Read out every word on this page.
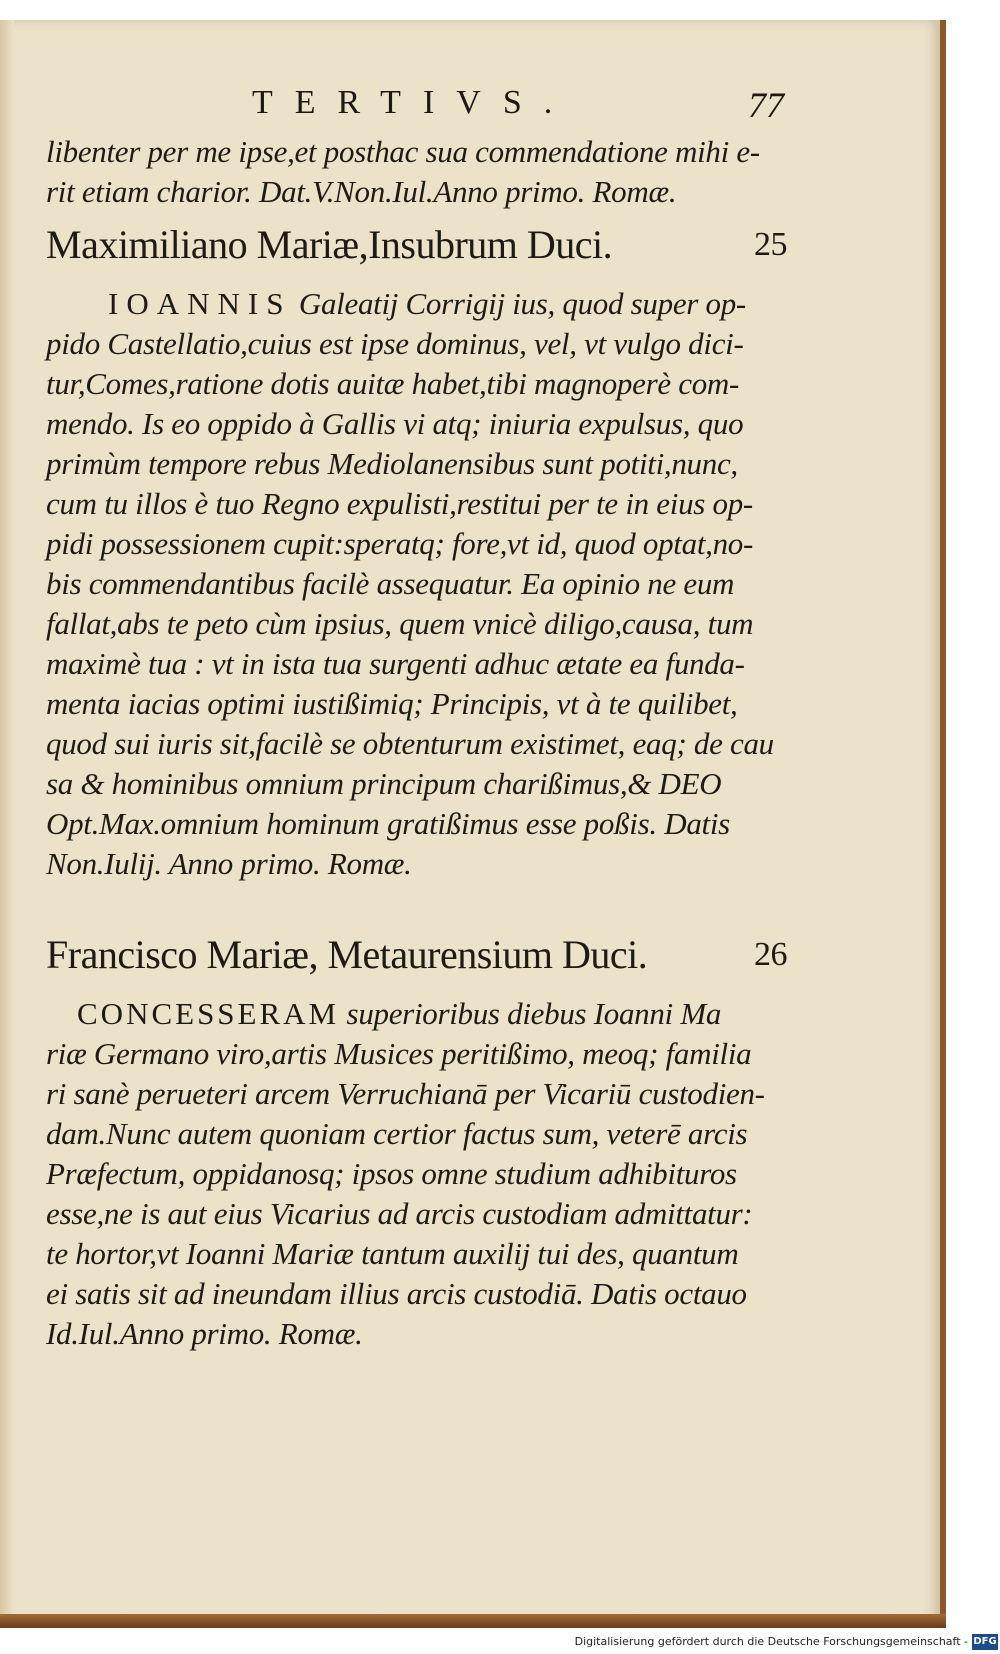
TERTIVS.	77
libenter per me ipse,et posthac sua commendatione mihi e-
rit etiam charior. Dat.V.Non.Iul.Anno primo. Romæ.
Maximiliano Mariæ,Insubrum Duci.	25
IOANNIS Galeatij Corrigij ius, quod super op-
pido Castellatio,cuius est ipse dominus, vel, vt vulgo dici-
tur,Comes,ratione dotis auitæ habet,tibi magnoperè com-
mendo. Is eo oppido à Gallis vi atq; iniuria expulsus, quo
primùm tempore rebus Mediolanensibus sunt potiti,nunc,
cum tu illos è tuo Regno expulisti,restitui per te in eius op-
pidi possessionem cupit:speratq; fore,vt id, quod optat,no-
bis commendantibus facilè assequatur. Ea opinio ne eum
fallat,abs te peto cùm ipsius, quem vnicè diligo,causa, tum
maximè tua : vt in ista tua surgenti adhuc ætate ea funda-
menta iacias optimi iustißimiq; Principis, vt à te quilibet,
quod sui iuris sit,facilè se obtenturum existimet, eaq; de cau
sa & hominibus omnium principum charißimus,& DEO
Opt.Max.omnium hominum gratißimus esse poßis. Datis
Non.Iulij. Anno primo. Romæ.
Francisco Mariæ, Metaurensium Duci.	26
CONCESSERAM superioribus diebus Ioanni Ma
riæ Germano viro,artis Musices peritißimo, meoq; familia
ri sanè perueteri arcem Verruchianā per Vicariū custodien-
dam.Nunc autem quoniam certior factus sum, veterē arcis
Præfectum, oppidanosq; ipsos omne studium adhibituros
esse,ne is aut eius Vicarius ad arcis custodiam admittatur:
te hortor,vt Ioanni Mariæ tantum auxilij tui des, quantum
ei satis sit ad ineundam illius arcis custodiā. Datis octauo
Id.Iul.Anno primo. Romæ.
Digitalisierung gefördert durch die Deutsche Forschungsgemeinschaft - DFG
